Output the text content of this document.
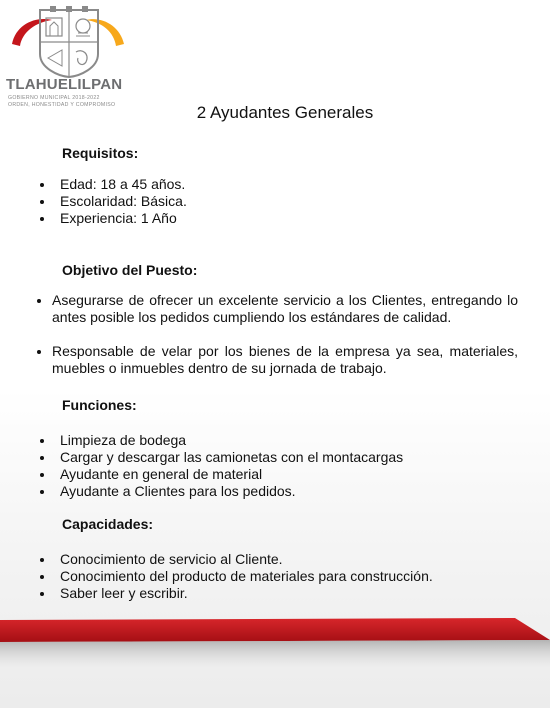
TLAHUELILPAN
GOBIERNO MUNICIPAL 2018-2022
ORDEN, HONESTIDAD Y COMPROMISO	2 Ayudantes Generales
Requisitos:
Edad: 18 a 45 años.
Escolaridad: Básica.
Experiencia: 1 Año
Objetivo del Puesto:
Asegurarse de ofrecer un excelente servicio a los Clientes, entregando lo antes posible los pedidos cumpliendo los estándares de calidad.
Responsable de velar por los bienes de la empresa ya sea, materiales, muebles o inmuebles dentro de su jornada de trabajo.
Funciones:
Limpieza de bodega
Cargar y descargar las camionetas con el montacargas
Ayudante en general de material
Ayudante a Clientes para los pedidos.
Capacidades:
Conocimiento de servicio al Cliente.
Conocimiento del producto de materiales para construcción.
Saber leer y escribir.
